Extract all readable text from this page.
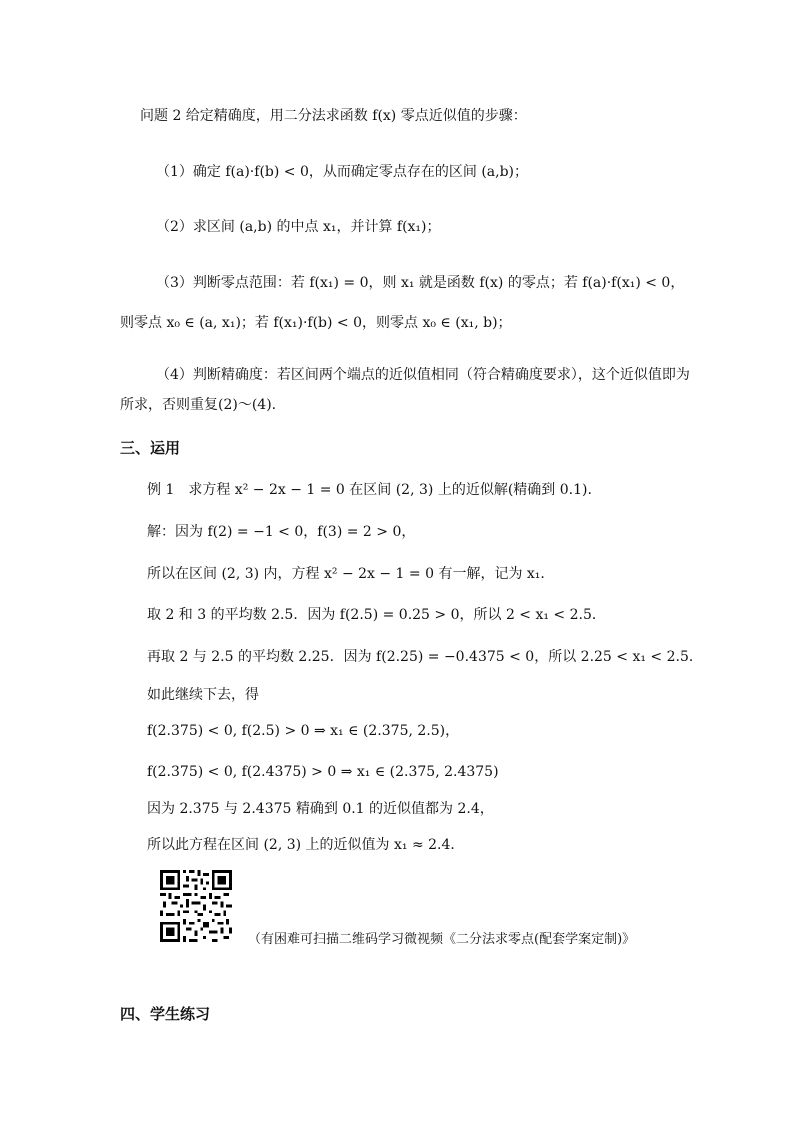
问题 2 给定精确度，用二分法求函数 f(x) 零点近似值的步骤：
（1）确定 f(a)·f(b) < 0，从而确定零点存在的区间 (a,b)；
（2）求区间 (a,b) 的中点 x₁，并计算 f(x₁)；
（3）判断零点范围：若 f(x₁) = 0，则 x₁ 就是函数 f(x) 的零点；若 f(a)·f(x₁) < 0，
则零点 x₀ ∈ (a, x₁)；若 f(x₁)·f(b) < 0，则零点 x₀ ∈ (x₁, b)；
（4）判断精确度：若区间两个端点的近似值相同（符合精确度要求），这个近似值即为
所求，否则重复(2)～(4).
三、运用
例 1　求方程 x² − 2x − 1 = 0 在区间 (2, 3) 上的近似解(精确到 0.1).
解：因为 f(2) = −1 < 0，f(3) = 2 > 0，
所以在区间 (2, 3) 内，方程 x² − 2x − 1 = 0 有一解，记为 x₁.
取 2 和 3 的平均数 2.5．因为 f(2.5) = 0.25 > 0，所以 2 < x₁ < 2.5．
再取 2 与 2.5 的平均数 2.25．因为 f(2.25) = −0.4375 < 0，所以 2.25 < x₁ < 2.5．
如此继续下去，得
f(2.375) < 0, f(2.5) > 0 ⇒ x₁ ∈ (2.375, 2.5)，
f(2.375) < 0, f(2.4375) > 0 ⇒ x₁ ∈ (2.375, 2.4375)
因为 2.375 与 2.4375 精确到 0.1 的近似值都为 2.4，
所以此方程在区间 (2, 3) 上的近似值为 x₁ ≈ 2.4．
（有困难可扫描二维码学习微视频《二分法求零点(配套学案定制)》
四、学生练习
